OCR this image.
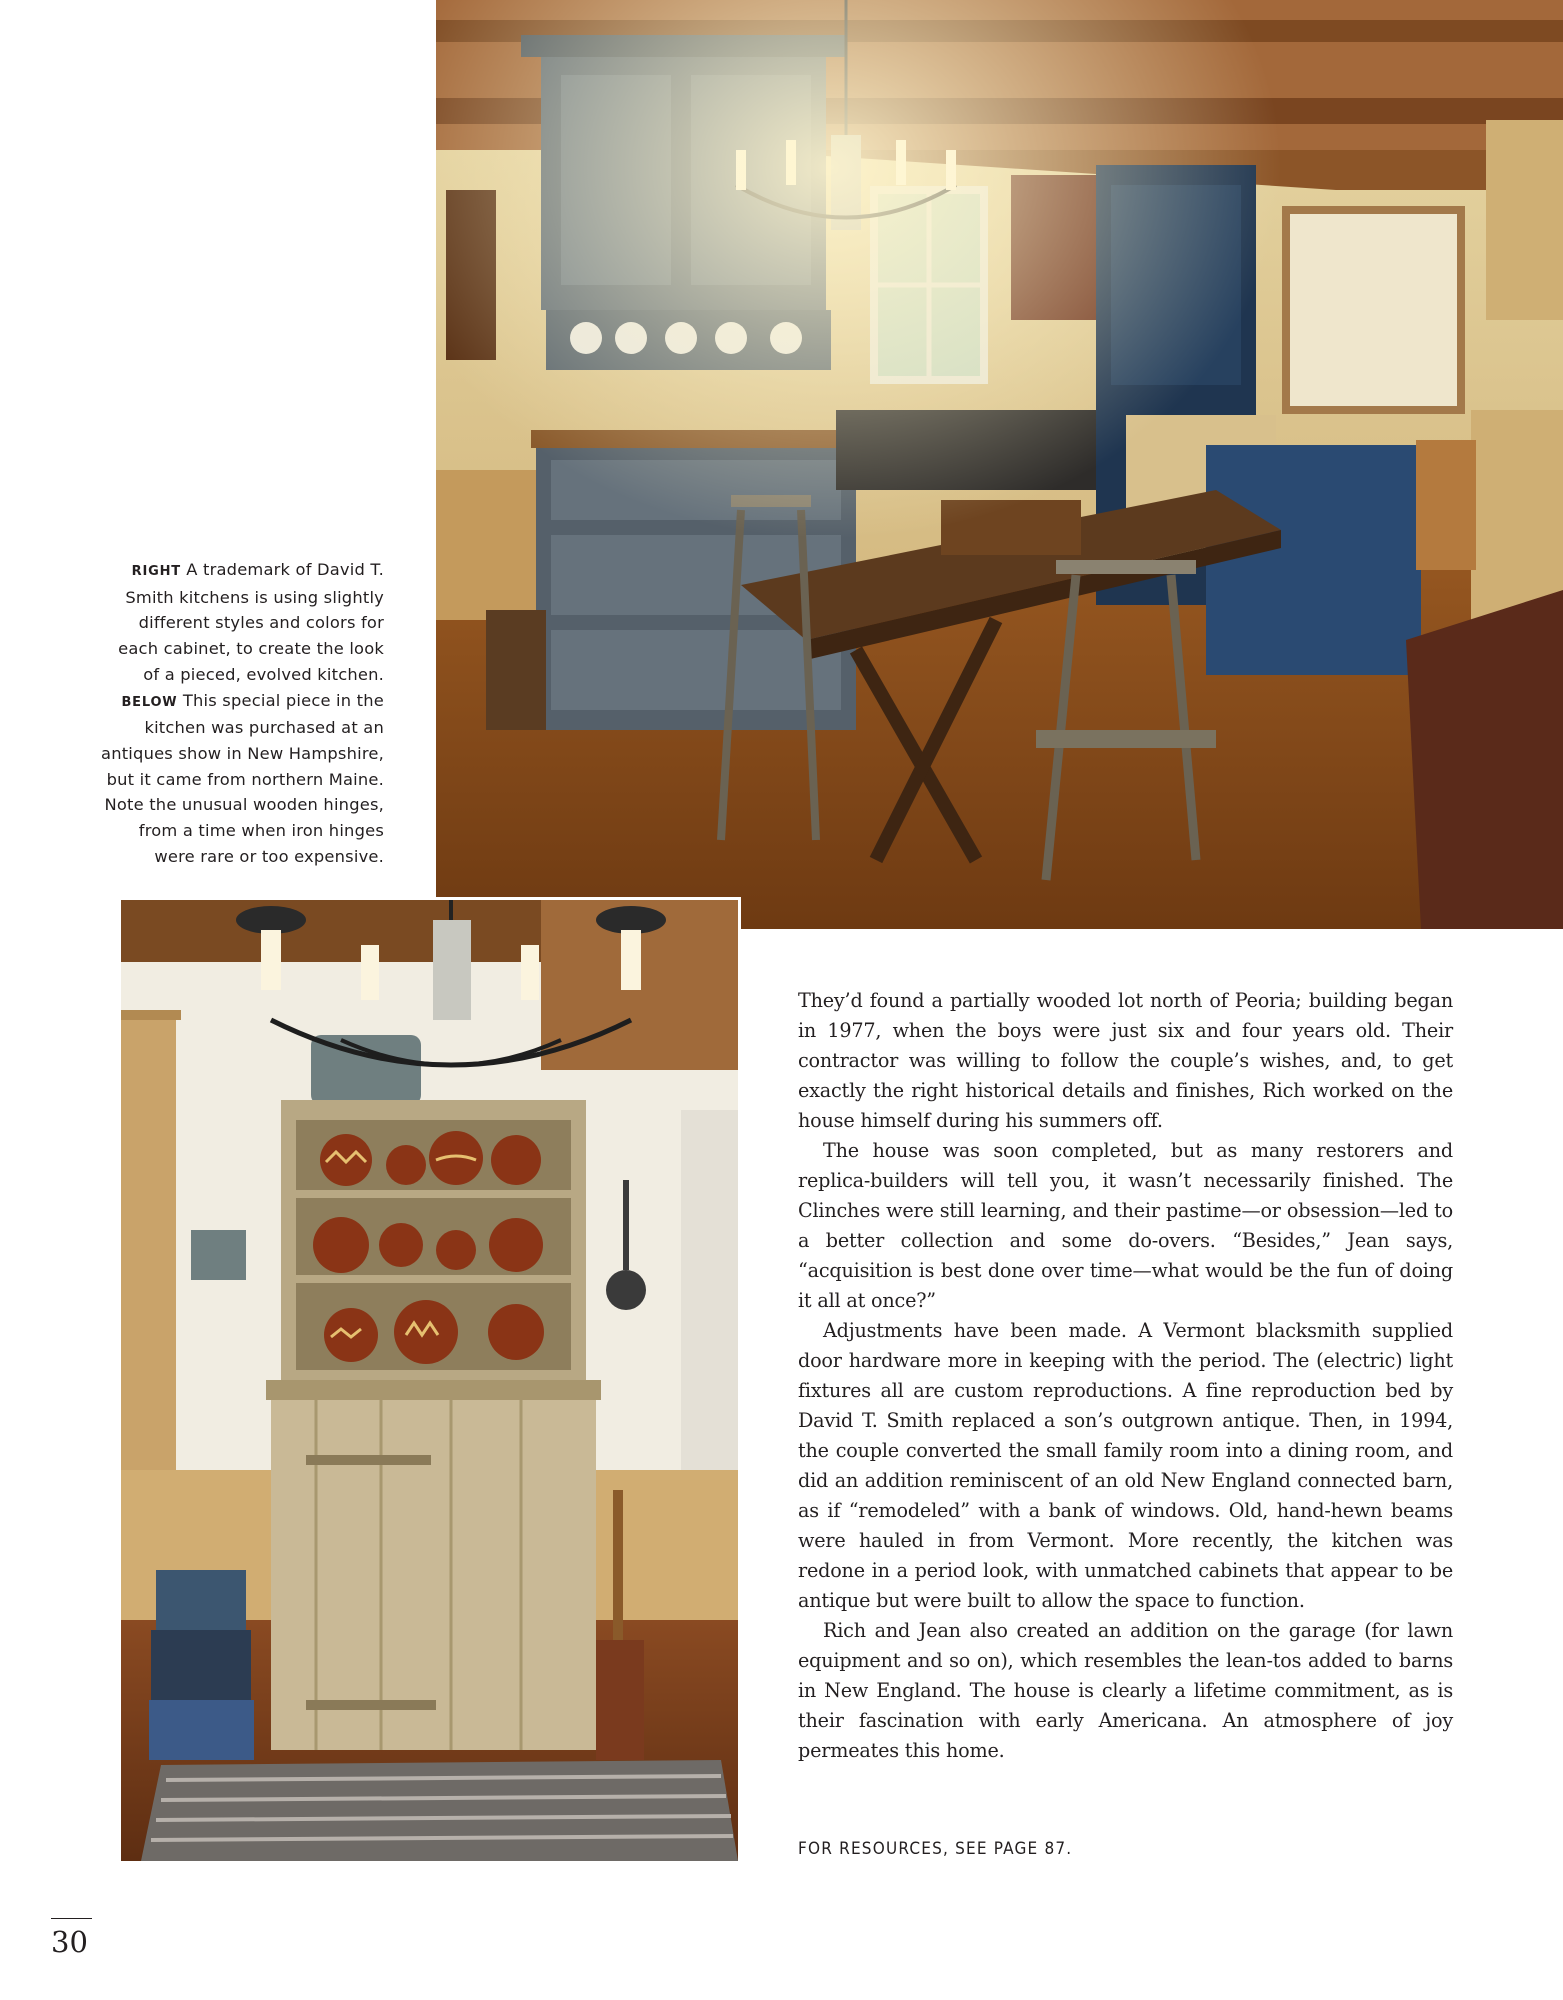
RIGHT A trademark of David T. Smith kitchens is using slightly different styles and colors for each cabinet, to create the look of a pieced, evolved kitchen. BELOW This special piece in the kitchen was purchased at an antiques show in New Hampshire, but it came from northern Maine. Note the unusual wooden hinges, from a time when iron hinges were rare or too expensive.

They’d found a partially wooded lot north of Peoria; building began in 1977, when the boys were just six and four years old. Their contractor was willing to follow the couple’s wishes, and, to get exactly the right historical details and finishes, Rich worked on the house himself during his summers off.

The house was soon completed, but as many restorers and replica-builders will tell you, it wasn’t necessarily finished. The Clinches were still learning, and their pastime—or obsession—led to a better collection and some do-overs. “Besides,” Jean says, “acquisition is best done over time—what would be the fun of doing it all at once?”

Adjustments have been made. A Vermont blacksmith supplied door hardware more in keeping with the period. The (electric) light fixtures all are custom reproductions. A fine reproduction bed by David T. Smith replaced a son’s outgrown antique. Then, in 1994, the couple converted the small family room into a dining room, and did an addition reminiscent of an old New England connected barn, as if “remodeled” with a bank of windows. Old, hand-hewn beams were hauled in from Vermont. More recently, the kitchen was redone in a period look, with unmatched cabinets that appear to be antique but were built to allow the space to function.

Rich and Jean also created an addition on the garage (for lawn equipment and so on), which resembles the lean-tos added to barns in New England. The house is clearly a lifetime commitment, as is their fascination with early Americana. An atmosphere of joy permeates this home.

FOR RESOURCES, SEE PAGE 87.
30
